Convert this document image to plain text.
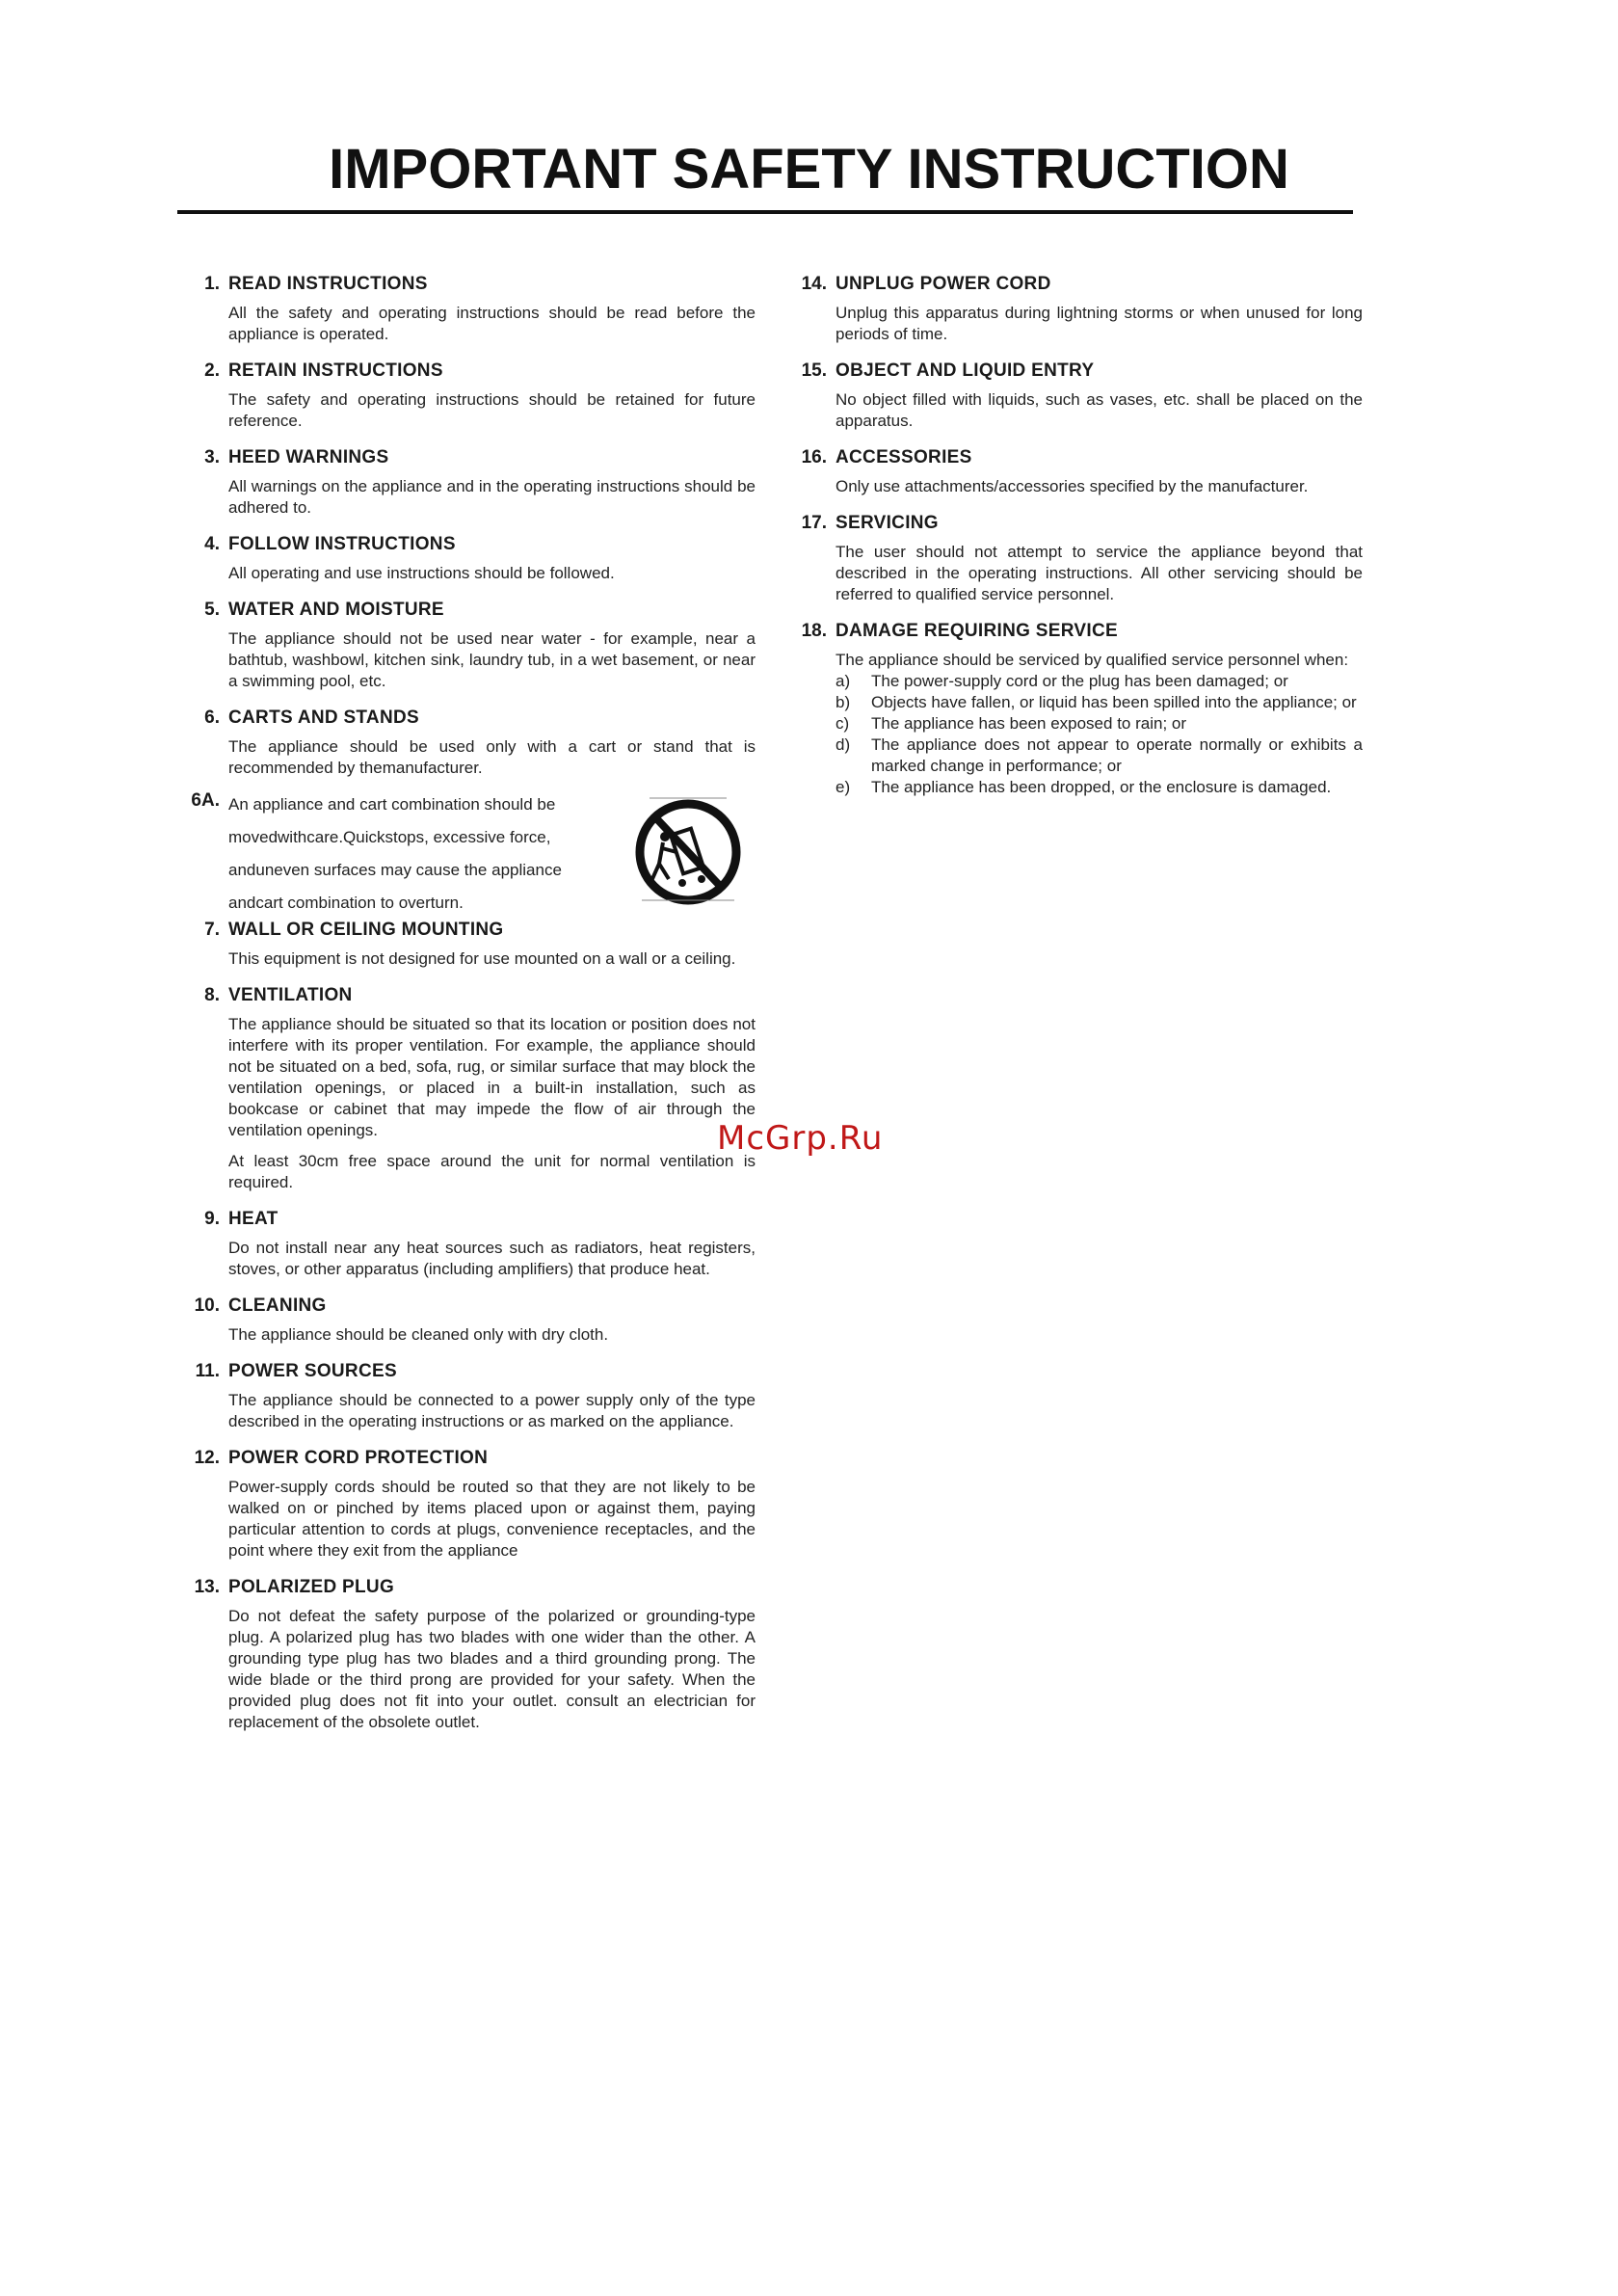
IMPORTANT SAFETY INSTRUCTION
1. READ INSTRUCTIONS
All the safety and operating instructions should be read before the appliance is operated.
2. RETAIN INSTRUCTIONS
The safety and operating instructions should be retained for future reference.
3. HEED WARNINGS
All warnings on the appliance and in the operating instructions should be adhered to.
4. FOLLOW INSTRUCTIONS
All operating and use instructions should be followed.
5. WATER AND MOISTURE
The appliance should not be used near water - for example, near a bathtub, washbowl, kitchen sink, laundry tub, in a wet basement, or near a swimming pool, etc.
6. CARTS AND STANDS
The appliance should be used only with a cart or stand that is recommended by themanufacturer.
6A. An appliance and cart combination should be
movedwithcare.Quickstops, excessive force,
anduneven surfaces may cause the appliance
andcart combination to overturn.
7. WALL OR CEILING MOUNTING
This equipment is not designed for use mounted on a wall or a ceiling.
8. VENTILATION
The appliance should be situated so that its location or position does not interfere with its proper ventilation. For example, the appliance should not be situated on a bed, sofa, rug, or similar surface that may block the ventilation openings, or placed in a built-in installation, such as bookcase or cabinet that may impede the flow of air through the ventilation openings.
At least 30cm free space around the unit for normal ventilation is required.
9. HEAT
Do not install near any heat sources such as radiators, heat registers, stoves, or other apparatus (including amplifiers) that produce heat.
10. CLEANING
The appliance should be cleaned only with dry cloth.
11. POWER SOURCES
The appliance should be connected to a power supply only of the type described in the operating instructions or as marked on the appliance.
12. POWER CORD PROTECTION
Power-supply cords should be routed so that they are not likely to be walked on or pinched by items placed upon or against them, paying particular attention to cords at plugs, convenience receptacles, and the point where they exit from the appliance
13. POLARIZED PLUG
Do not defeat the safety purpose of the polarized or grounding-type plug. A polarized plug has two blades with one wider than the other. A grounding type plug has two blades and a third grounding prong. The wide blade or the third prong are provided for your safety. When the provided plug does not fit into your outlet. consult an electrician for replacement of the obsolete outlet.
14. UNPLUG POWER CORD
Unplug this apparatus during lightning storms or when unused for long periods of time.
15. OBJECT AND LIQUID ENTRY
No object filled with liquids, such as vases, etc. shall be placed on the apparatus.
16. ACCESSORIES
Only use attachments/accessories specified by the manufacturer.
17. SERVICING
The user should not attempt to service the appliance beyond that described in the operating instructions. All other servicing should be referred to qualified service personnel.
18. DAMAGE REQUIRING SERVICE
The appliance should be serviced by qualified service personnel when:
a) The power-supply cord or the plug has been damaged; or
b) Objects have fallen, or liquid has been spilled into the appliance; or
c) The appliance has been exposed to rain; or
d) The appliance does not appear to operate normally or exhibits a marked change in performance; or
e) The appliance has been dropped, or the enclosure is damaged.
McGrp.Ru
